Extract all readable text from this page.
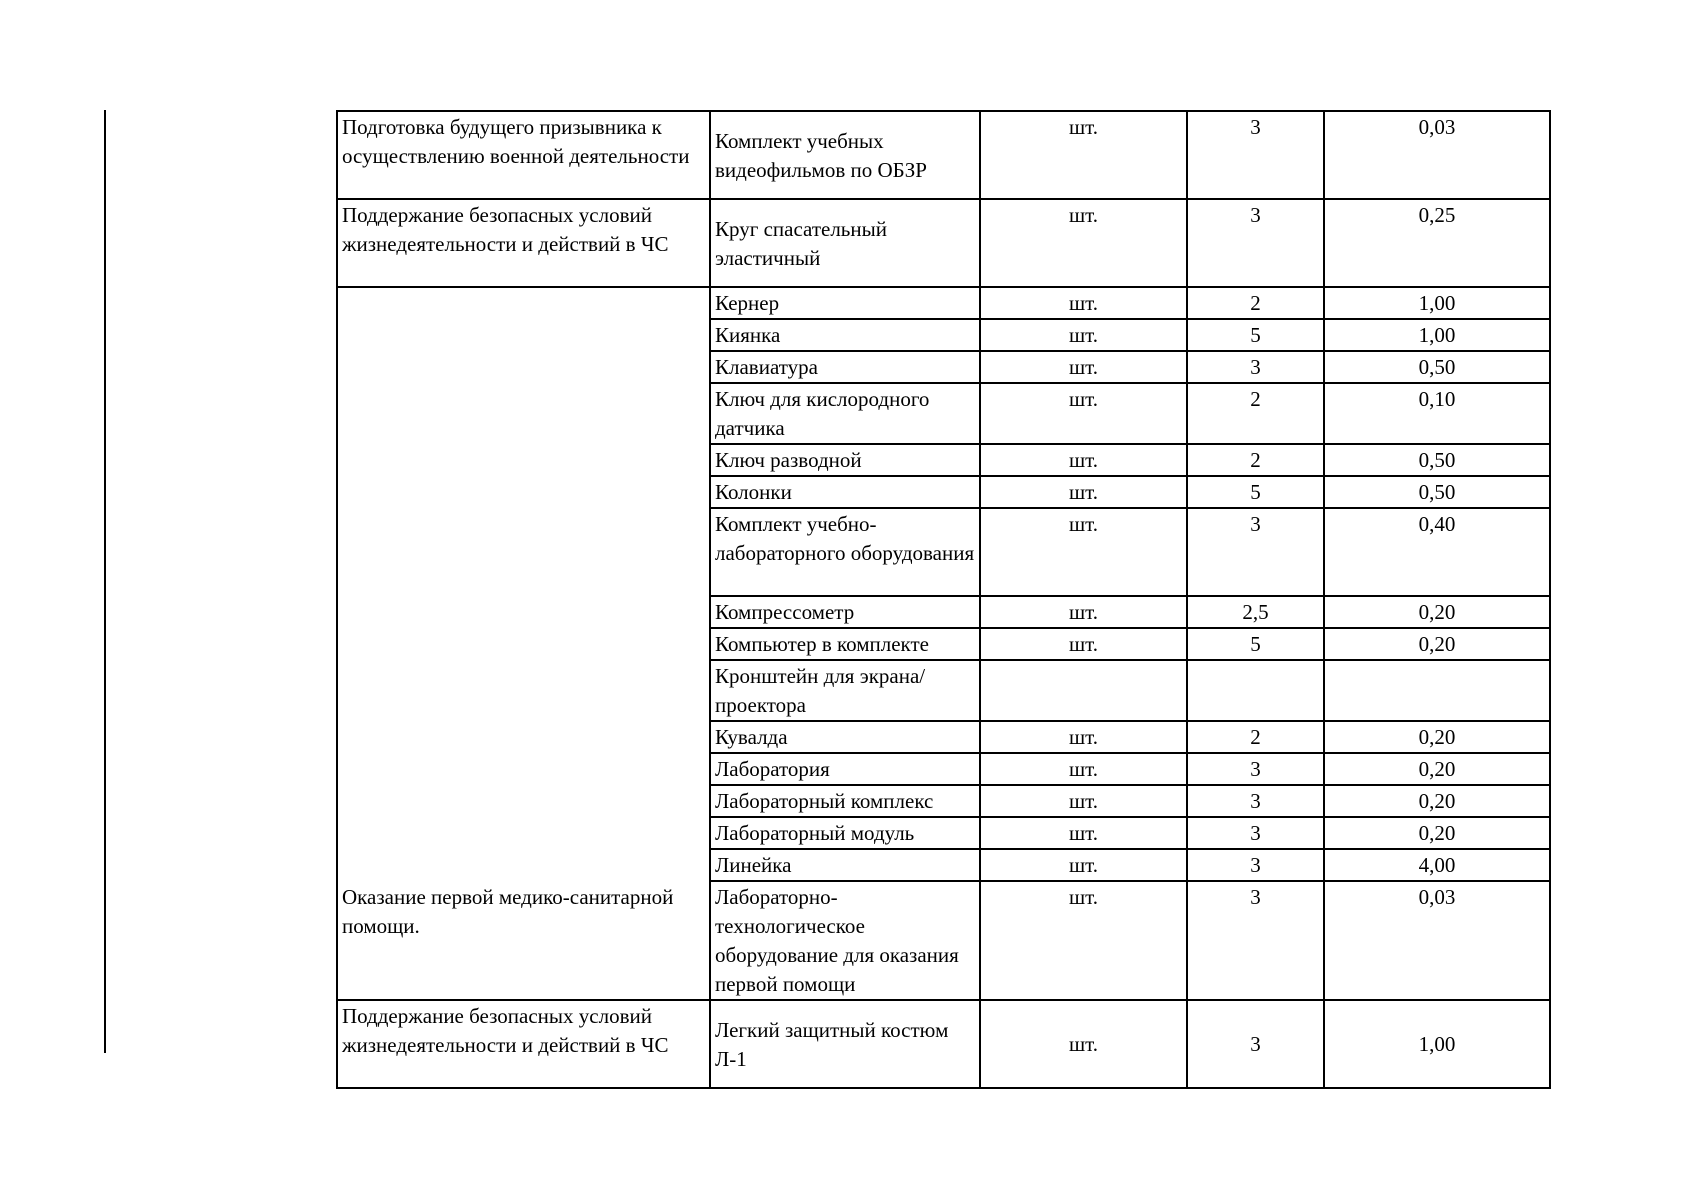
Подготовка будущего призывника к осуществлению военной деятельности	Комплект учебных видеофильмов по ОБЗР	шт.	3	0,03
Поддержание безопасных условий жизнедеятельности и действий в ЧС	Круг спасательный эластичный	шт.	3	0,25
Оказание первой медико-санитарной помощи.	Кернер	шт.	2	1,00
	Киянка	шт.	5	1,00
	Клавиатура	шт.	3	0,50
	Ключ для кислородного датчика	шт.	2	0,10
	Ключ разводной	шт.	2	0,50
	Колонки	шт.	5	0,50
	Комплект учебно-лабораторного оборудования	шт.	3	0,40
	Компрессометр	шт.	2,5	0,20
	Компьютер в комплекте	шт.	5	0,20
	Кронштейн для экрана/проектора			
	Кувалда	шт.	2	0,20
	Лаборатория	шт.	3	0,20
	Лабораторный комплекс	шт.	3	0,20
	Лабораторный модуль	шт.	3	0,20
	Линейка	шт.	3	4,00
	Лабораторно-технологическое оборудование для оказания первой помощи	шт.	3	0,03
Поддержание безопасных условий жизнедеятельности и действий в ЧС	Легкий защитный костюм Л-1	шт.	3	1,00
